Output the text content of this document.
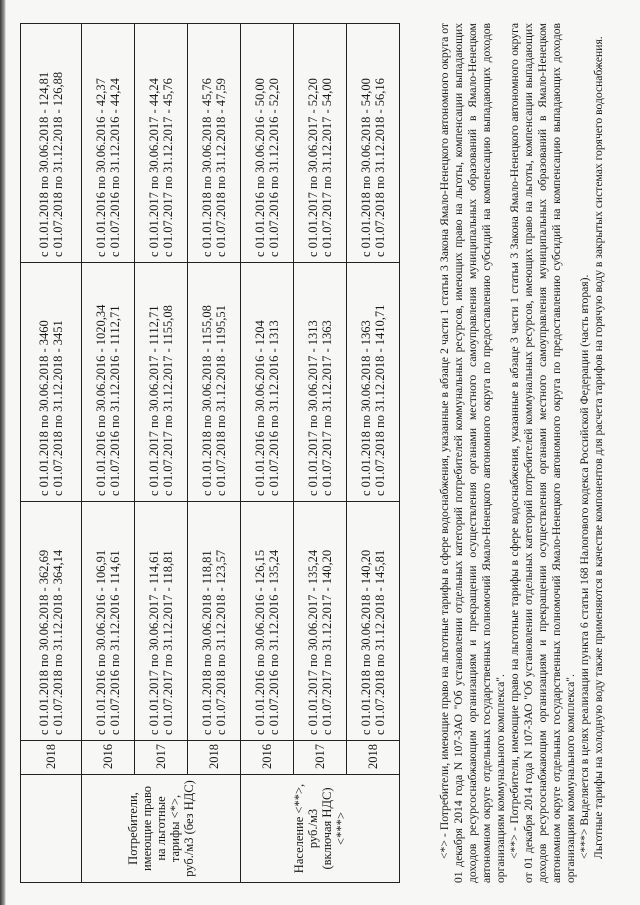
	2018	с 01.01.2018 по 30.06.2018 - 362,69 с 01.07.2018 по 31.12.2018 - 364,14	с 01.01.2018 по 30.06.2018 - 3460 с 01.07.2018 по 31.12.2018 - 3451	с 01.01.2018 по 30.06.2018 - 124,81 с 01.07.2018 по 31.12.2018 - 126,88

Потребители, имеющие право на льготные тарифы <*>, руб./м3 (без НДС)	2016	с 01.01.2016 по 30.06.2016 - 106,91 с 01.07.2016 по 31.12.2016 - 114,61	с 01.01.2016 по 30.06.2016 - 1020,34 с 01.07.2016 по 31.12.2016 - 1112,71	с 01.01.2016 по 30.06.2016 - 42,37 с 01.07.2016 по 31.12.2016 - 44,24

	2017	с 01.01.2017 по 30.06.2017 - 114,61 с 01.07.2017 по 31.12.2017 - 118,81	с 01.01.2017 по 30.06.2017 - 1112,71 с 01.07.2017 по 31.12.2017 - 1155,08	с 01.01.2017 по 30.06.2017 - 44,24 с 01.07.2017 по 31.12.2017 - 45,76

	2018	с 01.01.2018 по 30.06.2018 - 118,81 с 01.07.2018 по 31.12.2018 - 123,57	с 01.01.2018 по 30.06.2018 - 1155,08 с 01.07.2018 по 31.12.2018 - 1195,51	с 01.01.2018 по 30.06.2018 - 45,76 с 01.07.2018 по 31.12.2018 - 47,59

Население <**>, руб./м3 (включая НДС) <***>	2016	с 01.01.2016 по 30.06.2016 - 126,15 с 01.07.2016 по 31.12.2016 - 135,24	с 01.01.2016 по 30.06.2016 - 1204 с 01.07.2016 по 31.12.2016 - 1313	с 01.01.2016 по 30.06.2016 - 50,00 с 01.07.2016 по 31.12.2016 - 52,20

	2017	с 01.01.2017 по 30.06.2017 - 135,24 с 01.07.2017 по 31.12.2017 - 140,20	с 01.01.2017 по 30.06.2017 - 1313 с 01.07.2017 по 31.12.2017 - 1363	с 01.01.2017 по 30.06.2017 - 52,20 с 01.07.2017 по 31.12.2017 - 54,00

	2018	с 01.01.2018 по 30.06.2018 - 140,20 с 01.07.2018 по 31.12.2018 - 145,81	с 01.01.2018 по 30.06.2018 - 1363 с 01.07.2018 по 31.12.2018 - 1410,71	с 01.01.2018 по 30.06.2018 - 54,00 с 01.07.2018 по 31.12.2018 - 56,16	<*> - Потребители, имеющие право на льготные тарифы в сфере водоснабжения, указанные в абзаце 2 части 1 статьи 3 Закона Ямало-Ненецкого автономного округа от 01 декабря 2014 года N 107-ЗАО "Об установлении отдельных категорий потребителей коммунальных ресурсов, имеющих право на льготы, компенсации выпадающих доходов ресурсоснабжающим организациям и прекращении осуществления органами местного самоуправления муниципальных образований в Ямало-Ненецком автономном округе отдельных государственных полномочий Ямало-Ненецкого автономного округа по предоставлению субсидий на компенсацию выпадающих доходов организациям коммунального комплекса". <**> - Потребители, имеющие право на льготные тарифы в сфере водоснабжения, указанные в абзаце 3 части 1 статьи 3 Закона Ямало-Ненецкого автономного округа от 01 декабря 2014 года N 107-ЗАО "Об установлении отдельных категорий потребителей коммунальных ресурсов, имеющих право на льготы, компенсации выпадающих доходов ресурсоснабжающим организациям и прекращении осуществления органами местного самоуправления муниципальных образований в Ямало-Ненецком автономном округе отдельных государственных полномочий Ямало-Ненецкого автономного округа по предоставлению субсидий на компенсацию выпадающих доходов организациям коммунального комплекса". <***> Выделяется в целях реализации пункта 6 статьи 168 Налогового кодекса Российской Федерации (часть вторая). Льготные тарифы на холодную воду также применяются в качестве компонентов для расчета тарифов на горячую воду в закрытых системах горячего водоснабжения.
